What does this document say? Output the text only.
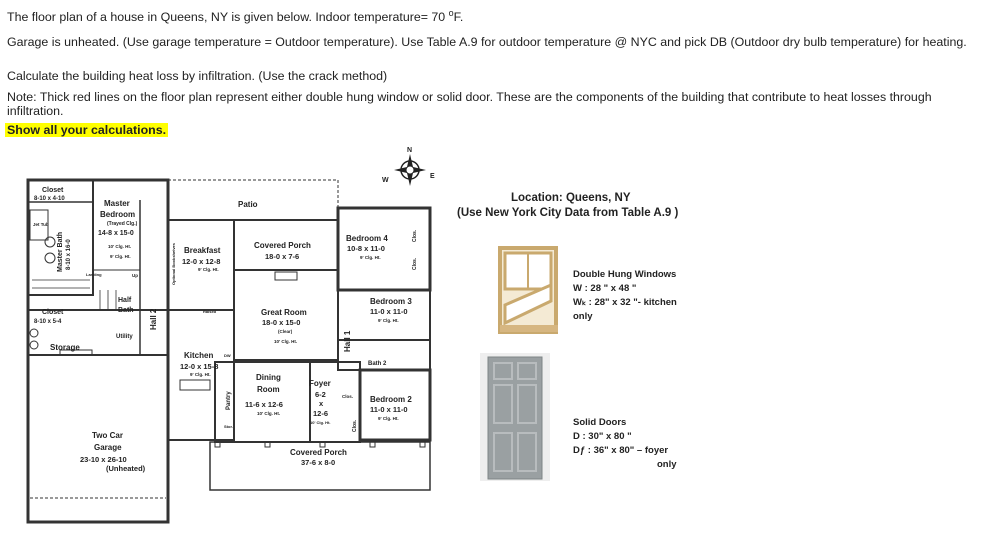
The floor plan of a house in Queens, NY is given below. Indoor temperature= 70 $^o$F.

Garage is unheated. (Use garage temperature = Outdoor temperature). Use Table A.9 for outdoor temperature @ NYC and pick DB (Outdoor dry bulb temperature) for heating.

Calculate the building heat loss by infiltration. (Use the crack method)

Note: Thick red lines on the floor plan represent either double hung window or solid door. These are the components of the building that contribute to heat losses through infiltration.

Show all your calculations.

N
W
E
Closet
8-10 x 4-10	Master
Bedroom
(Trayed Clg.)
14-8 x 15-0
10' Clg. Ht.
9' Clg. Ht.
Master Bath 8-10 x 16-0
Jet Tub
Landing	Up
Half
Bath
Closet
8-10 x 5-4
Utility
Storage
Hall 2
Patio
Breakfast
12-0 x 12-8
9' Clg. Ht.
Optional Bookshelves	Covered Porch
18-0 x 7-6
Raised	Great Room
18-0 x 15-0
(Clear)
10' Clg. Ht.
Kitchen
12-0 x 15-8
9' Clg. Ht.
DW
Pantry
Stor.
Dining
Room
11-6 x 12-6
10' Clg. Ht.
Foyer
6-2
x
12-6
10' Clg. Ht.
Hall 1
Clos.
Clos.
Clos.
Clos.
Bedroom 4
10-8 x 11-0
9' Clg. Ht.
Bedroom 3
11-0 x 11-0
9' Clg. Ht.
Bath 2
Bedroom 2
11-0 x 11-0
9' Clg. Ht.
Two Car
Garage
23-10 x 26-10
(Unheated)
Covered Porch
37-6 x 8-0
Location: Queens, NY
(Use New York City Data from Table A.9 )
Double Hung Windows
W : 28 " x 48 "
Wₖ : 28" x 32 "- kitchen
only
Solid Doors
D : 30" x 80 "
Dƒ : 36" x 80" – foyer
only
